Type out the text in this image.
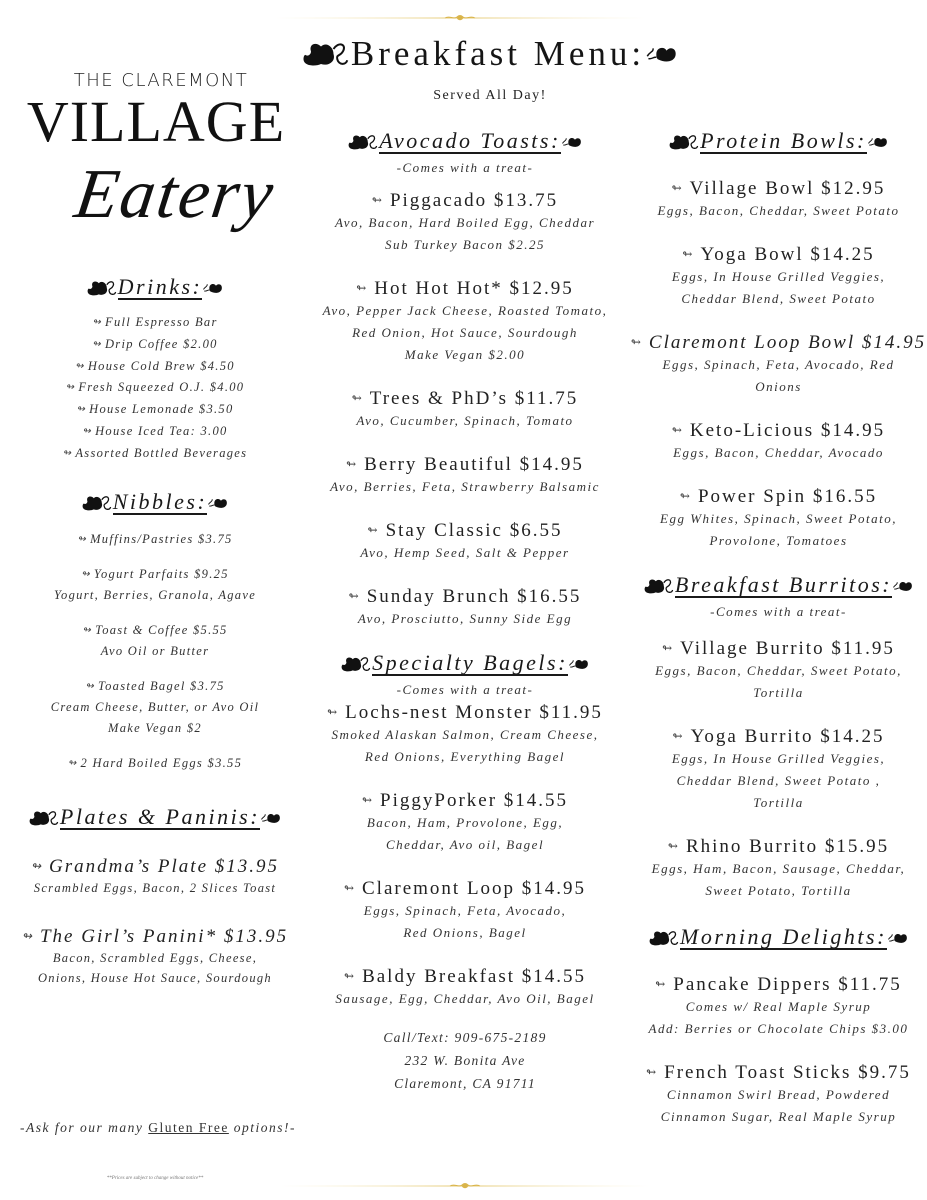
THE CLAREMONT
VILLAGE
Eatery
Breakfast Menu:
Served All Day!
Drinks:
↬ Full Espresso Bar
↬ Drip Coffee $2.00
↬ House Cold Brew $4.50
↬ Fresh Squeezed O.J. $4.00
↬ House Lemonade $3.50
↬ House Iced Tea: 3.00
↬ Assorted Bottled Beverages
Nibbles:
↬ Muffins/Pastries $3.75
↬ Yogurt Parfaits $9.25
Yogurt, Berries, Granola, Agave
↬ Toast & Coffee $5.55
Avo Oil or Butter
↬ Toasted Bagel $3.75
Cream Cheese, Butter, or Avo Oil
Make Vegan $2
↬ 2 Hard Boiled Eggs $3.55
Plates & Paninis:
↬ Grandma’s Plate $13.95
Scrambled Eggs, Bacon, 2 Slices Toast
↬ The Girl’s Panini* $13.95
Bacon, Scrambled Eggs, Cheese,
Onions, House Hot Sauce, Sourdough
-Ask for our many Gluten Free options!-
**Prices are subject to change without notice**
Avocado Toasts:
-Comes with a treat-
↬ Piggacado $13.75
Avo, Bacon, Hard Boiled Egg, Cheddar
Sub Turkey Bacon $2.25
↬ Hot Hot Hot* $12.95
Avo, Pepper Jack Cheese, Roasted Tomato,
Red Onion, Hot Sauce, Sourdough
Make Vegan $2.00
↬ Trees & PhD’s $11.75
Avo, Cucumber, Spinach, Tomato
↬ Berry Beautiful $14.95
Avo, Berries, Feta, Strawberry Balsamic
↬ Stay Classic $6.55
Avo, Hemp Seed, Salt & Pepper
↬ Sunday Brunch $16.55
Avo, Prosciutto, Sunny Side Egg
Specialty Bagels:
-Comes with a treat-
↬ Lochs-nest Monster $11.95
Smoked Alaskan Salmon, Cream Cheese,
Red Onions, Everything Bagel
↬ PiggyPorker $14.55
Bacon, Ham, Provolone, Egg,
Cheddar, Avo oil, Bagel
↬ Claremont Loop $14.95
Eggs, Spinach, Feta, Avocado,
Red Onions, Bagel
↬ Baldy Breakfast $14.55
Sausage, Egg, Cheddar, Avo Oil, Bagel
Call/Text: 909-675-2189
232 W. Bonita Ave
Claremont, CA 91711
Protein Bowls:
↬ Village Bowl $12.95
Eggs, Bacon, Cheddar, Sweet Potato
↬ Yoga Bowl $14.25
Eggs, In House Grilled Veggies,
Cheddar Blend, Sweet Potato
↬ Claremont Loop Bowl $14.95
Eggs, Spinach, Feta, Avocado, Red
Onions
↬ Keto-Licious $14.95
Eggs, Bacon, Cheddar, Avocado
↬ Power Spin $16.55
Egg Whites, Spinach, Sweet Potato,
Provolone, Tomatoes
Breakfast Burritos:
-Comes with a treat-
↬ Village Burrito $11.95
Eggs, Bacon, Cheddar, Sweet Potato,
Tortilla
↬ Yoga Burrito $14.25
Eggs, In House Grilled Veggies,
Cheddar Blend, Sweet Potato ,
Tortilla
↬ Rhino Burrito $15.95
Eggs, Ham, Bacon, Sausage, Cheddar,
Sweet Potato, Tortilla
Morning Delights:
↬ Pancake Dippers $11.75
Comes w/ Real Maple Syrup
Add: Berries or Chocolate Chips $3.00
↬ French Toast Sticks $9.75
Cinnamon Swirl Bread, Powdered
Cinnamon Sugar, Real Maple Syrup
